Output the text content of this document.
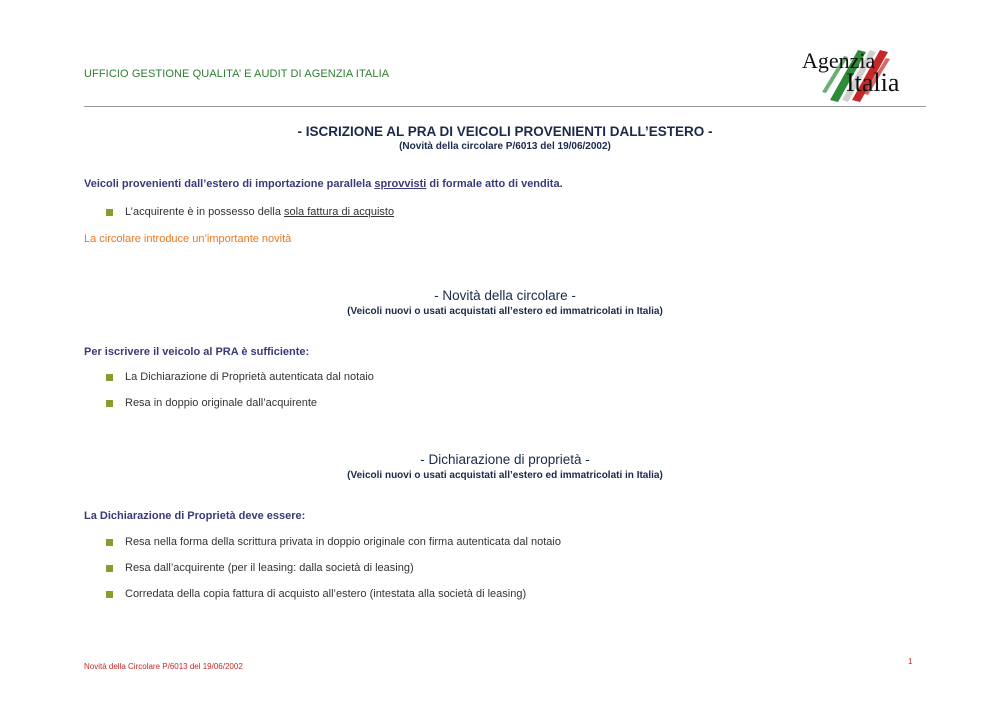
UFFICIO GESTIONE QUALITA’ E AUDIT DI AGENZIA ITALIA
Agenzia
Italia
- ISCRIZIONE AL PRA DI VEICOLI PROVENIENTI DALL’ESTERO -
(Novità della circolare P/6013 del 19/06/2002)
Veicoli provenienti dall’estero di importazione parallela sprovvisti di formale atto di vendita.
L’acquirente è in possesso della sola fattura di acquisto
La circolare introduce un’importante novità
- Novità della circolare -
(Veicoli nuovi o usati acquistati all’estero ed immatricolati in Italia)
Per iscrivere il veicolo al PRA è sufficiente:
La Dichiarazione di Proprietà autenticata dal notaio
Resa in doppio originale dall’acquirente
- Dichiarazione di proprietà -
(Veicoli nuovi o usati acquistati all’estero ed immatricolati in Italia)
La Dichiarazione di Proprietà deve essere:
Resa nella forma della scrittura privata in doppio originale con firma autenticata dal notaio
Resa dall’acquirente (per il leasing: dalla società di leasing)
Corredata della copia fattura di acquisto all’estero (intestata alla società di leasing)
Novità della Circolare P/6013 del 19/06/2002
1
